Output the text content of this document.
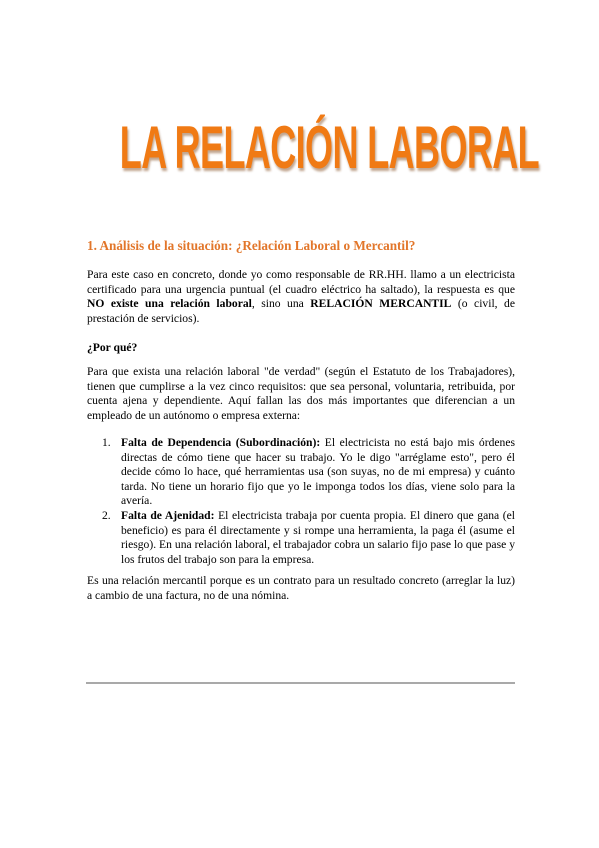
LA RELACIÓN LABORAL
1. Análisis de la situación: ¿Relación Laboral o Mercantil?
Para este caso en concreto, donde yo como responsable de RR.HH. llamo a un electricista certificado para una urgencia puntual (el cuadro eléctrico ha saltado), la respuesta es que NO existe una relación laboral, sino una RELACIÓN MERCANTIL (o civil, de prestación de servicios).
¿Por qué?
Para que exista una relación laboral "de verdad" (según el Estatuto de los Trabajadores), tienen que cumplirse a la vez cinco requisitos: que sea personal, voluntaria, retribuida, por cuenta ajena y dependiente. Aquí fallan las dos más importantes que diferencian a un empleado de un autónomo o empresa externa:
1. Falta de Dependencia (Subordinación): El electricista no está bajo mis órdenes directas de cómo tiene que hacer su trabajo. Yo le digo "arréglame esto", pero él decide cómo lo hace, qué herramientas usa (son suyas, no de mi empresa) y cuánto tarda. No tiene un horario fijo que yo le imponga todos los días, viene solo para la avería.
2. Falta de Ajenidad: El electricista trabaja por cuenta propia. El dinero que gana (el beneficio) es para él directamente y si rompe una herramienta, la paga él (asume el riesgo). En una relación laboral, el trabajador cobra un salario fijo pase lo que pase y los frutos del trabajo son para la empresa.
Es una relación mercantil porque es un contrato para un resultado concreto (arreglar la luz) a cambio de una factura, no de una nómina.
